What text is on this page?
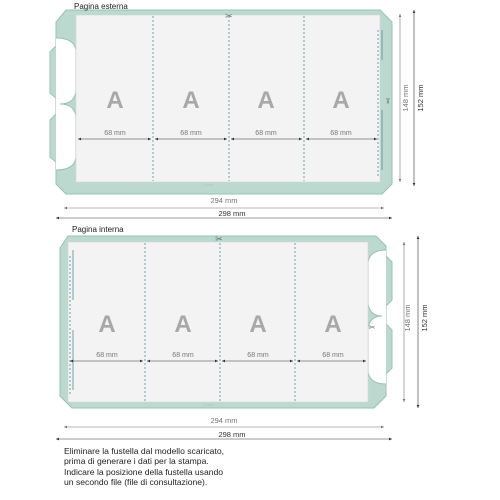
✂
✂
A A A A
68 mm	68 mm	68 mm	68 mm
2 mm
Pagina esterna
294 mm
298 mm
148 mm 152 mm
✂
✂
A A A A
68 mm	68 mm	68 mm	68 mm
2 mm
Pagina interna
294 mm
298 mm
148 mm 152 mm
Eliminare la fustella dal modello scaricato,
prima di generare i dati per la stampa.
Indicare la posizione della fustella usando
un secondo file (file di consultazione).
